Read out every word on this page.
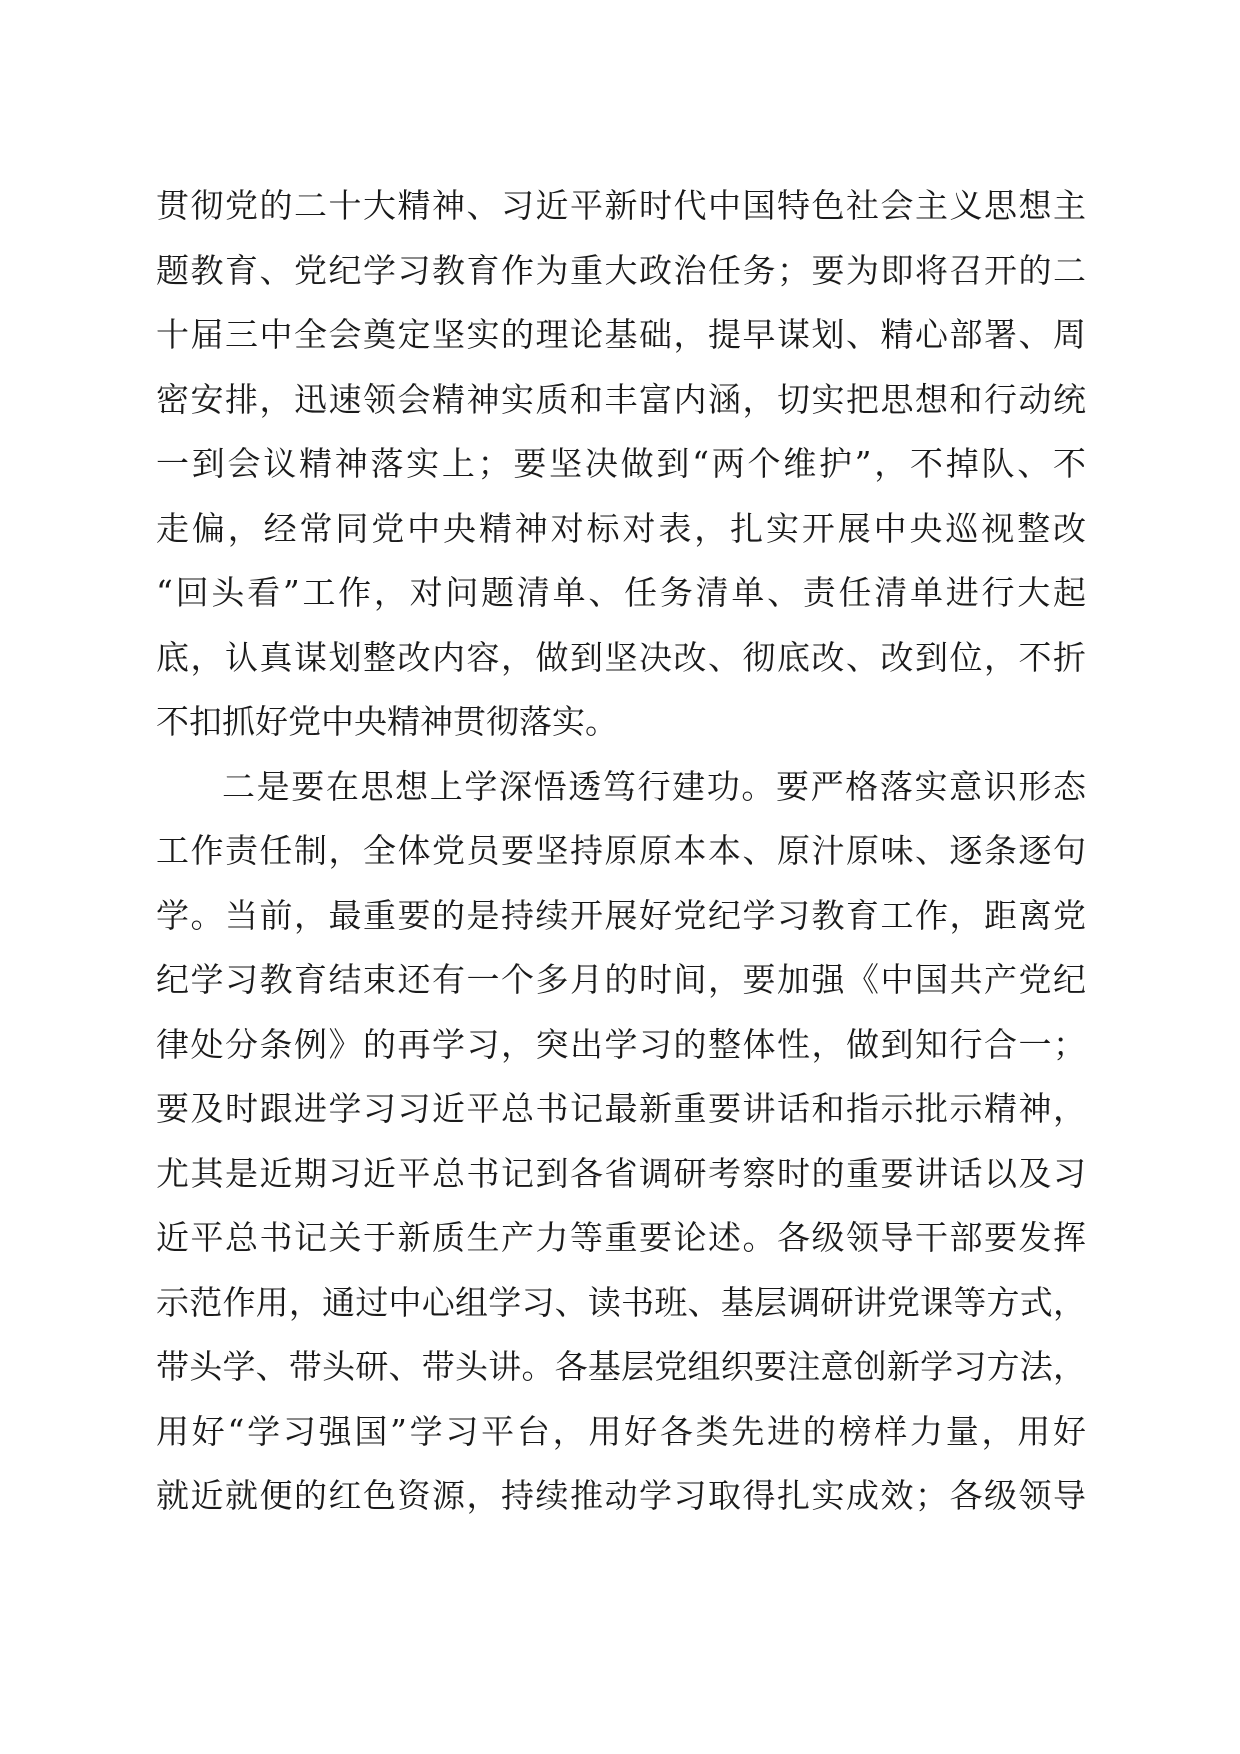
贯彻党的二十大精神、习近平新时代中国特色社会主义思想主
题教育、党纪学习教育作为重大政治任务；要为即将召开的二
十届三中全会奠定坚实的理论基础，提早谋划、精心部署、周
密安排，迅速领会精神实质和丰富内涵，切实把思想和行动统
一到会议精神落实上；要坚决做到“两个维护”，不掉队、不
走偏，经常同党中央精神对标对表，扎实开展中央巡视整改
“回头看”工作，对问题清单、任务清单、责任清单进行大起
底，认真谋划整改内容，做到坚决改、彻底改、改到位，不折
不扣抓好党中央精神贯彻落实。
二是要在思想上学深悟透笃行建功。要严格落实意识形态
工作责任制，全体党员要坚持原原本本、原汁原味、逐条逐句
学。当前，最重要的是持续开展好党纪学习教育工作，距离党
纪学习教育结束还有一个多月的时间，要加强《中国共产党纪
律处分条例》的再学习，突出学习的整体性，做到知行合一；
要及时跟进学习习近平总书记最新重要讲话和指示批示精神，
尤其是近期习近平总书记到各省调研考察时的重要讲话以及习
近平总书记关于新质生产力等重要论述。各级领导干部要发挥
示范作用，通过中心组学习、读书班、基层调研讲党课等方式，
带头学、带头研、带头讲。各基层党组织要注意创新学习方法，
用好“学习强国”学习平台，用好各类先进的榜样力量，用好
就近就便的红色资源，持续推动学习取得扎实成效；各级领导
